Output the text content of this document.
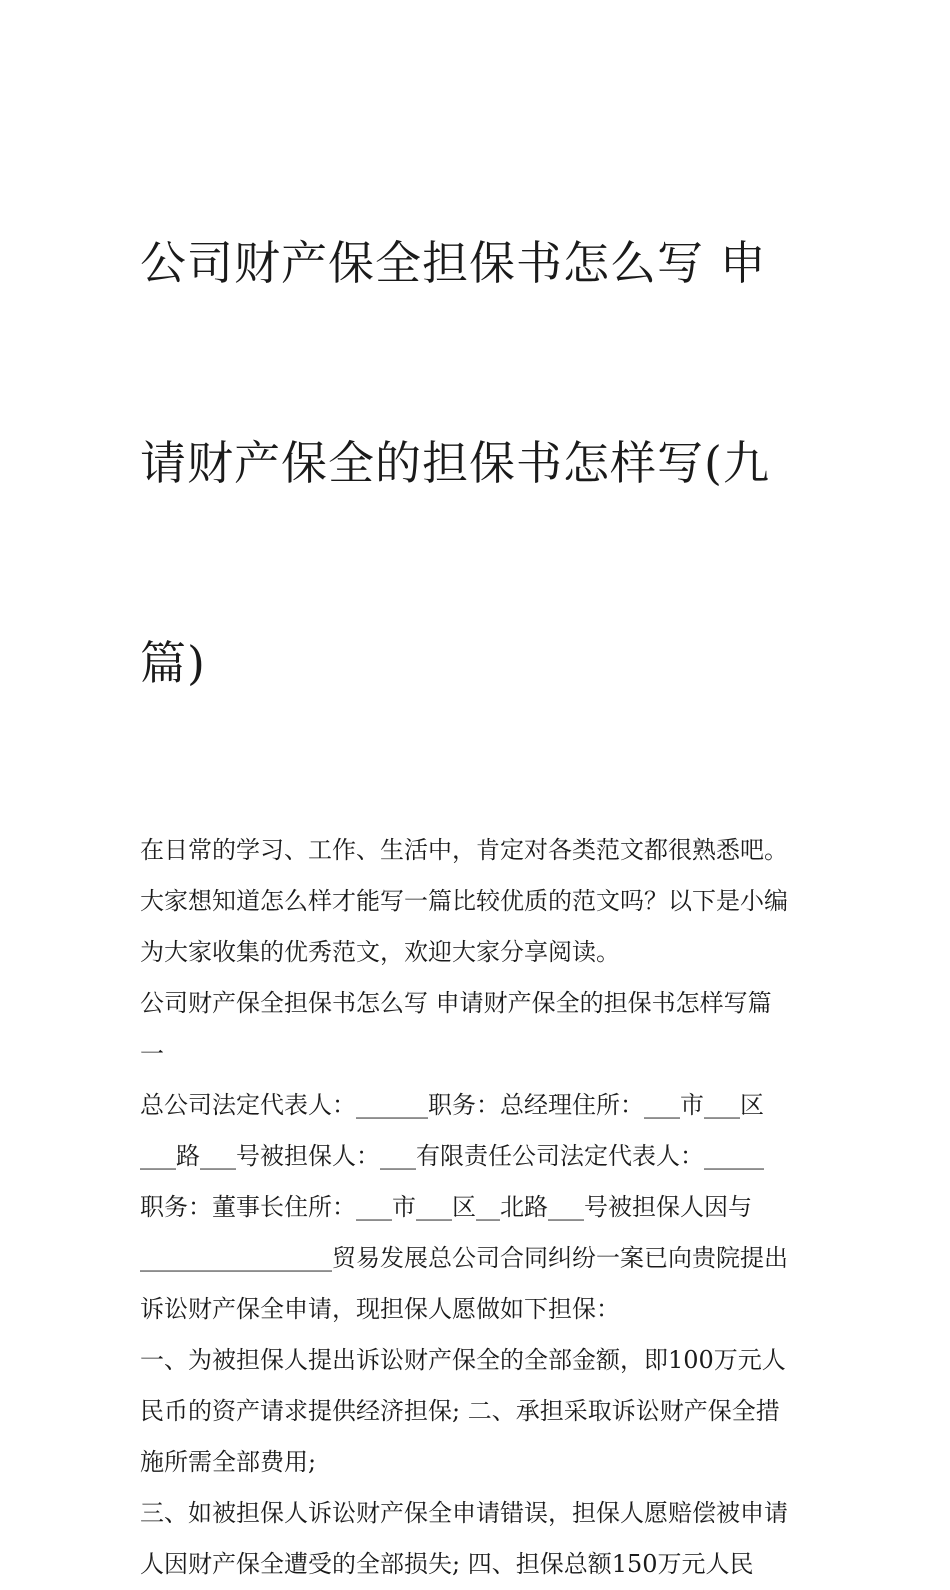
公司财产保全担保书怎么写 申

请财产保全的担保书怎样写(九

篇)

在日常的学习、工作、生活中，肯定对各类范文都很熟悉吧。

大家想知道怎么样才能写一篇比较优质的范文吗？以下是小编

为大家收集的优秀范文，欢迎大家分享阅读。

公司财产保全担保书怎么写 申请财产保全的担保书怎样写篇

一

总公司法定代表人：______职务：总经理住所：___市___区

___路___号被担保人：___有限责任公司法定代表人：_____

职务：董事长住所：___市___区__北路___号被担保人因与

________________贸易发展总公司合同纠纷一案已向贵院提出

诉讼财产保全申请，现担保人愿做如下担保：

一、为被担保人提出诉讼财产保全的全部金额，即100万元人

民币的资产请求提供经济担保; 二、承担采取诉讼财产保全措

施所需全部费用;

三、如被担保人诉讼财产保全申请错误，担保人愿赔偿被申请

人因财产保全遭受的全部损失; 四、担保总额150万元人民
